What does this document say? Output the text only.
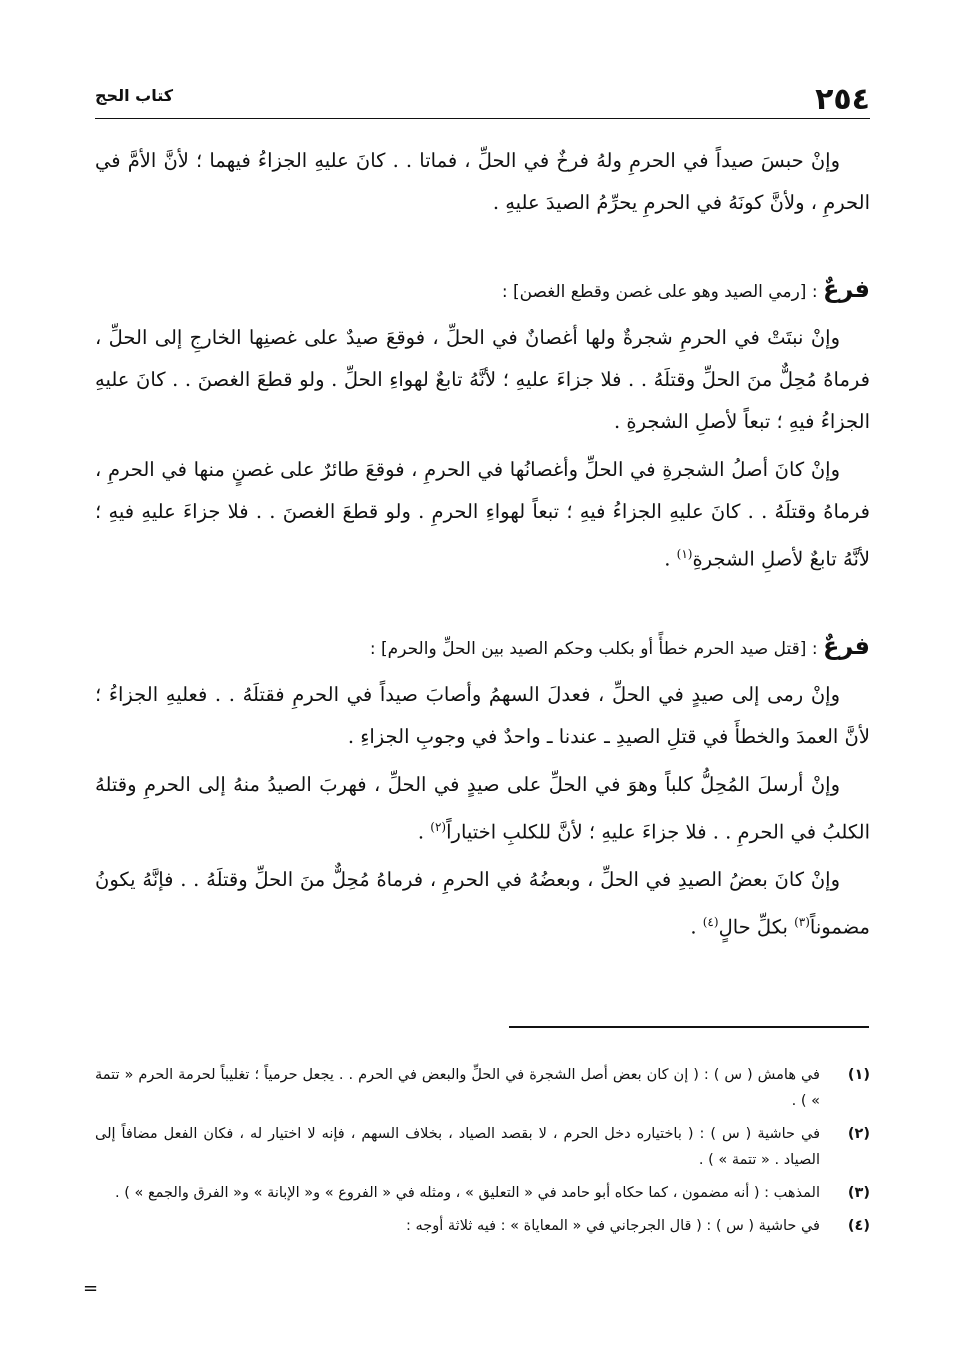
٢٥٤
كتاب الحج

وإنْ حبسَ صيداً في الحرمِ ولهُ فرخٌ في الحلِّ ، فماتا . . كانَ عليهِ الجزاءُ فيهما ؛ لأنَّ الأمَّ في الحرمِ ، ولأنَّ كونَهُ في الحرمِ يحرِّمُ الصيدَ عليهِ .

فرعٌ : [رمي الصيد وهو على غصن وقطع الغصن] :

وإنْ نبتَتْ في الحرمِ شجرةٌ ولها أغصانٌ في الحلِّ ، فوقعَ صيدٌ على غصنِها الخارجِ إلى الحلِّ ، فرماهُ مُحِلٌّ منَ الحلِّ وقتلَهُ . . فلا جزاءَ عليهِ ؛ لأنَّهُ تابعٌ لهواءِ الحلِّ . ولو قطعَ الغصنَ . . كانَ عليهِ الجزاءُ فيهِ ؛ تبعاً لأصلِ الشجرةِ .

وإنْ كانَ أصلُ الشجرةِ في الحلِّ وأغصانُها في الحرمِ ، فوقعَ طائرٌ على غصنٍ منها في الحرمِ ، فرماهُ وقتلَهُ . . كانَ عليهِ الجزاءُ فيهِ ؛ تبعاً لهواءِ الحرمِ . ولو قطعَ الغصنَ . . فلا جزاءَ عليهِ فيهِ ؛ لأنَّهُ تابعٌ لأصلِ الشجرةِ$^{(١)}$ .

فرعٌ : [قتل صيد الحرم خطأً أو بكلب وحكم الصيد بين الحلِّ والحرم] :

وإنْ رمى إلى صيدٍ في الحلِّ ، فعدلَ السهمُ وأصابَ صيداً في الحرمِ فقتلَهُ . . فعليهِ الجزاءُ ؛ لأنَّ العمدَ والخطأَ في قتلِ الصيدِ ـ عندنا ـ واحدٌ في وجوبِ الجزاءِ .

وإنْ أرسلَ المُحِلُّ كلباً وهوَ في الحلِّ على صيدٍ في الحلِّ ، فهربَ الصيدُ منهُ إلى الحرمِ وقتلهُ الكلبُ في الحرمِ . . فلا جزاءَ عليهِ ؛ لأنَّ للكلبِ اختياراً$^{(٢)}$ .

وإنْ كانَ بعضُ الصيدِ في الحلِّ ، وبعضُهُ في الحرمِ ، فرماهُ مُحِلٌّ منَ الحلِّ وقتلَهُ . . فإنَّهُ يكونُ مضموناً$^{(٣)}$ بكلِّ حالٍ$^{(٤)}$ .

(١)
في هامش ( س ) : ( إن كان بعض أصل الشجرة في الحلِّ والبعض في الحرم . . يجعل حرمياً ؛ تغليباً لحرمة الحرم « تتمة » ) .
(٢)
في حاشية ( س ) : ( باختياره دخل الحرم ، لا بقصد الصياد ، بخلاف السهم ، فإنه لا اختيار له ، فكان الفعل مضافاً إلى الصياد . « تتمة » ) .
(٣)
المذهب : ( أنه مضمون ، كما حكاه أبو حامد في « التعليق » ، ومثله في « الفروع » و« الإبانة » و« الفرق والجمع » ) .
(٤)
في حاشية ( س ) : ( قال الجرجاني في « المعاياة » : فيه ثلاثة أوجه :
=
